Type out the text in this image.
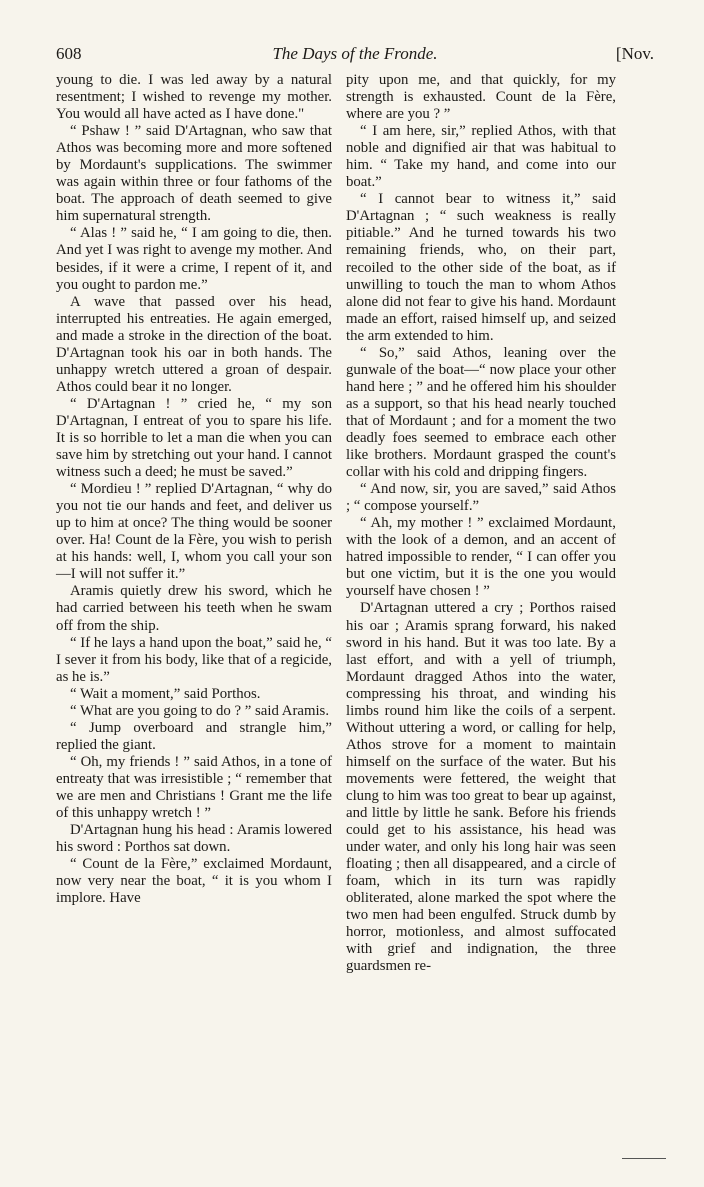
608	The Days of the Fronde.	[Nov.

young to die. I was led away by a natural resentment; I wished to revenge my mother. You would all have acted as I have done."

“ Pshaw ! ” said D'Artagnan, who saw that Athos was becoming more and more softened by Mordaunt's supplications. The swimmer was again within three or four fathoms of the boat. The approach of death seemed to give him supernatural strength.

“ Alas ! ” said he, “ I am going to die, then. And yet I was right to avenge my mother. And besides, if it were a crime, I repent of it, and you ought to pardon me.”

A wave that passed over his head, interrupted his entreaties. He again emerged, and made a stroke in the direction of the boat. D'Artagnan took his oar in both hands. The unhappy wretch uttered a groan of despair. Athos could bear it no longer.

“ D'Artagnan ! ” cried he, “ my son D'Artagnan, I entreat of you to spare his life. It is so horrible to let a man die when you can save him by stretching out your hand. I cannot witness such a deed; he must be saved.”

“ Mordieu ! ” replied D'Artagnan, “ why do you not tie our hands and feet, and deliver us up to him at once? The thing would be sooner over. Ha! Count de la Fère, you wish to perish at his hands: well, I, whom you call your son—I will not suffer it.”

Aramis quietly drew his sword, which he had carried between his teeth when he swam off from the ship.

“ If he lays a hand upon the boat,” said he, “ I sever it from his body, like that of a regicide, as he is.”

“ Wait a moment,” said Porthos.

“ What are you going to do ? ” said Aramis.

“ Jump overboard and strangle him,” replied the giant.

“ Oh, my friends ! ” said Athos, in a tone of entreaty that was irresistible ; “ remember that we are men and Christians ! Grant me the life of this unhappy wretch ! ”

D'Artagnan hung his head : Aramis lowered his sword : Porthos sat down.

“ Count de la Fère,” exclaimed Mordaunt, now very near the boat, “ it is you whom I implore. Have

pity upon me, and that quickly, for my strength is exhausted. Count de la Fère, where are you ? ”

“ I am here, sir,” replied Athos, with that noble and dignified air that was habitual to him. “ Take my hand, and come into our boat.”

“ I cannot bear to witness it,” said D'Artagnan ; “ such weakness is really pitiable.” And he turned towards his two remaining friends, who, on their part, recoiled to the other side of the boat, as if unwilling to touch the man to whom Athos alone did not fear to give his hand. Mordaunt made an effort, raised himself up, and seized the arm extended to him.

“ So,” said Athos, leaning over the gunwale of the boat—“ now place your other hand here ; ” and he offered him his shoulder as a support, so that his head nearly touched that of Mordaunt ; and for a moment the two deadly foes seemed to embrace each other like brothers. Mordaunt grasped the count's collar with his cold and dripping fingers.

“ And now, sir, you are saved,” said Athos ; “ compose yourself.”

“ Ah, my mother ! ” exclaimed Mordaunt, with the look of a demon, and an accent of hatred impossible to render, “ I can offer you but one victim, but it is the one you would yourself have chosen ! ”

D'Artagnan uttered a cry ; Porthos raised his oar ; Aramis sprang forward, his naked sword in his hand. But it was too late. By a last effort, and with a yell of triumph, Mordaunt dragged Athos into the water, compressing his throat, and winding his limbs round him like the coils of a serpent. Without uttering a word, or calling for help, Athos strove for a moment to maintain himself on the surface of the water. But his movements were fettered, the weight that clung to him was too great to bear up against, and little by little he sank. Before his friends could get to his assistance, his head was under water, and only his long hair was seen floating ; then all disappeared, and a circle of foam, which in its turn was rapidly obliterated, alone marked the spot where the two men had been engulfed. Struck dumb by horror, motionless, and almost suffocated with grief and indignation, the three guardsmen re-
